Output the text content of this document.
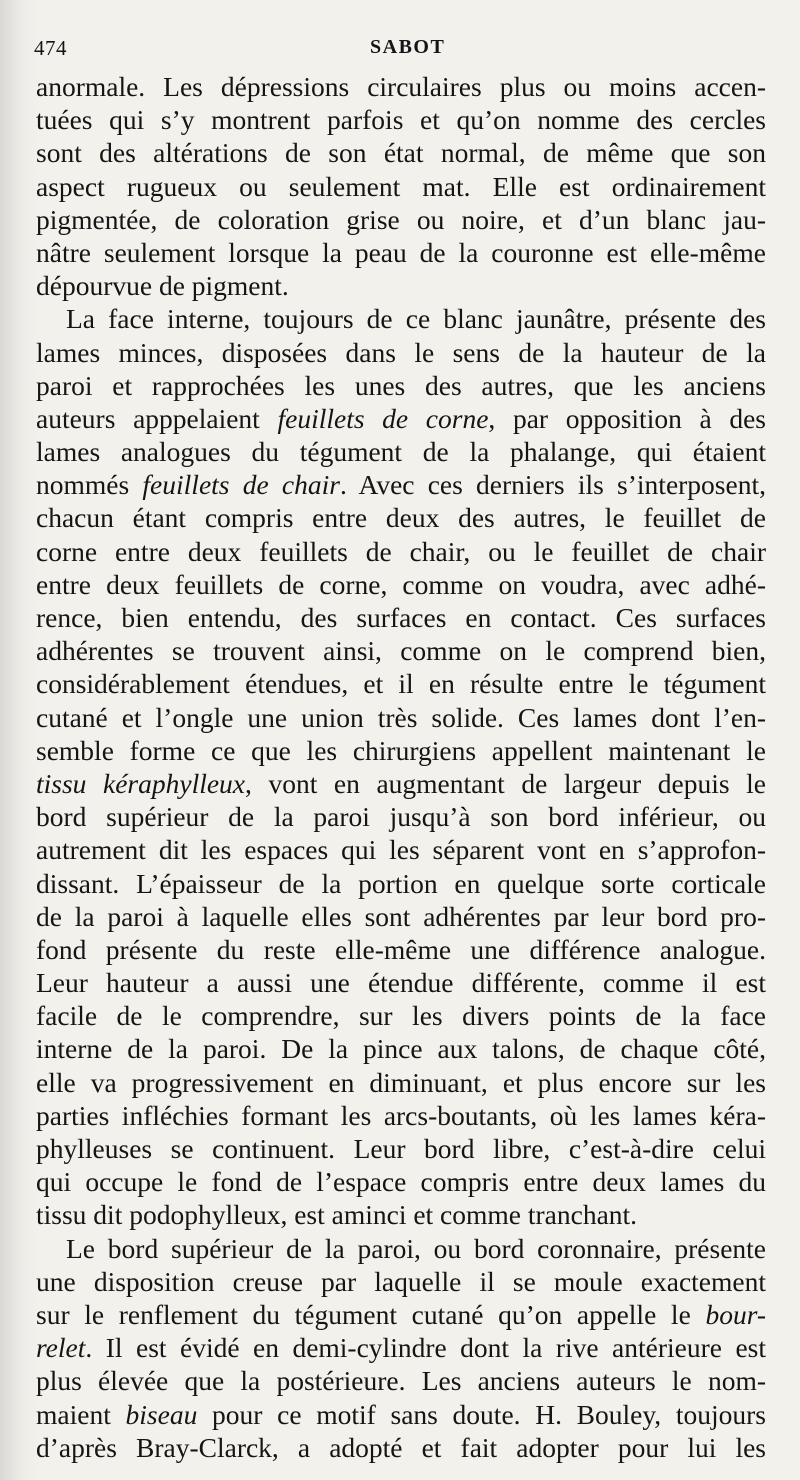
474	SABOT
anormale. Les dépressions circulaires plus ou moins accen-
tuées qui s’y montrent parfois et qu’on nomme des cercles
sont des altérations de son état normal, de même que son
aspect rugueux ou seulement mat. Elle est ordinairement
pigmentée, de coloration grise ou noire, et d’un blanc jau-
nâtre seulement lorsque la peau de la couronne est elle-même
dépourvue de pigment.
La face interne, toujours de ce blanc jaunâtre, présente des
lames minces, disposées dans le sens de la hauteur de la
paroi et rapprochées les unes des autres, que les anciens
auteurs apppelaient feuillets de corne, par opposition à des
lames analogues du tégument de la phalange, qui étaient
nommés feuillets de chair. Avec ces derniers ils s’interposent,
chacun étant compris entre deux des autres, le feuillet de
corne entre deux feuillets de chair, ou le feuillet de chair
entre deux feuillets de corne, comme on voudra, avec adhé-
rence, bien entendu, des surfaces en contact. Ces surfaces
adhérentes se trouvent ainsi, comme on le comprend bien,
considérablement étendues, et il en résulte entre le tégument
cutané et l’ongle une union très solide. Ces lames dont l’en-
semble forme ce que les chirurgiens appellent maintenant le
tissu kéraphylleux, vont en augmentant de largeur depuis le
bord supérieur de la paroi jusqu’à son bord inférieur, ou
autrement dit les espaces qui les séparent vont en s’approfon-
dissant. L’épaisseur de la portion en quelque sorte corticale
de la paroi à laquelle elles sont adhérentes par leur bord pro-
fond présente du reste elle-même une différence analogue.
Leur hauteur a aussi une étendue différente, comme il est
facile de le comprendre, sur les divers points de la face
interne de la paroi. De la pince aux talons, de chaque côté,
elle va progressivement en diminuant, et plus encore sur les
parties infléchies formant les arcs-boutants, où les lames kéra-
phylleuses se continuent. Leur bord libre, c’est-à-dire celui
qui occupe le fond de l’espace compris entre deux lames du
tissu dit podophylleux, est aminci et comme tranchant.
Le bord supérieur de la paroi, ou bord coronnaire, présente
une disposition creuse par laquelle il se moule exactement
sur le renflement du tégument cutané qu’on appelle le bour-
relet. Il est évidé en demi-cylindre dont la rive antérieure est
plus élevée que la postérieure. Les anciens auteurs le nom-
maient biseau pour ce motif sans doute. H. Bouley, toujours
d’après Bray-Clarck, a adopté et fait adopter pour lui les
